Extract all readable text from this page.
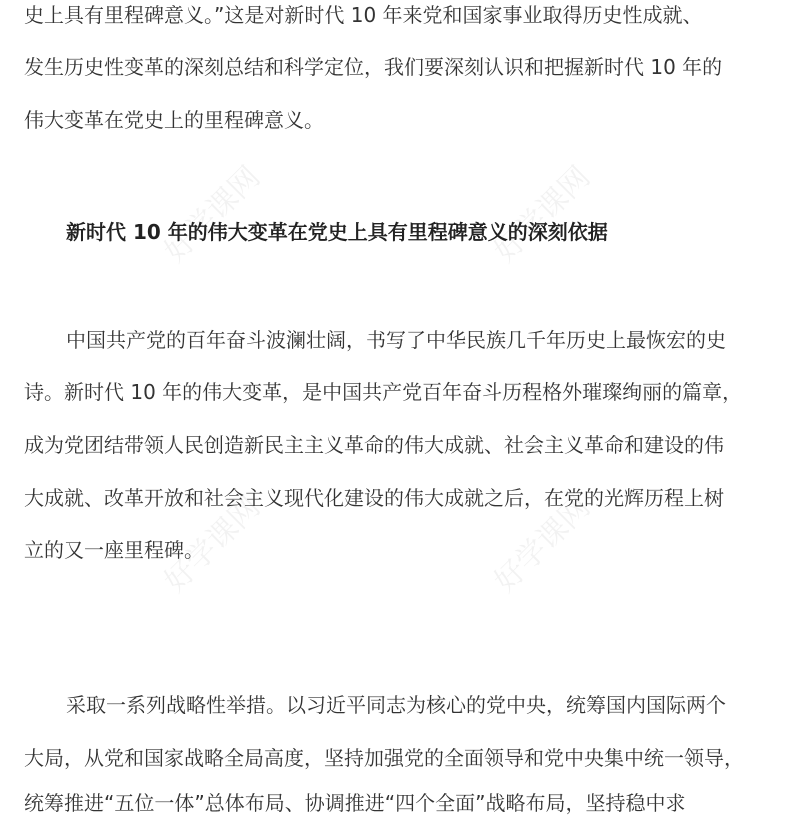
好学课网	好学课网
好学课网	好学课网
史上具有里程碑意义。”这是对新时代 10 年来党和国家事业取得历史性成就、
发生历史性变革的深刻总结和科学定位，我们要深刻认识和把握新时代 10 年的
伟大变革在党史上的里程碑意义。
新时代 10 年的伟大变革在党史上具有里程碑意义的深刻依据
中国共产党的百年奋斗波澜壮阔，书写了中华民族几千年历史上最恢宏的史
诗。新时代 10 年的伟大变革，是中国共产党百年奋斗历程格外璀璨绚丽的篇章，
成为党团结带领人民创造新民主主义革命的伟大成就、社会主义革命和建设的伟
大成就、改革开放和社会主义现代化建设的伟大成就之后，在党的光辉历程上树
立的又一座里程碑。
采取一系列战略性举措。以习近平同志为核心的党中央，统筹国内国际两个
大局，从党和国家战略全局高度，坚持加强党的全面领导和党中央集中统一领导，
统筹推进“五位一体”总体布局、协调推进“四个全面”战略布局，坚持稳中求
